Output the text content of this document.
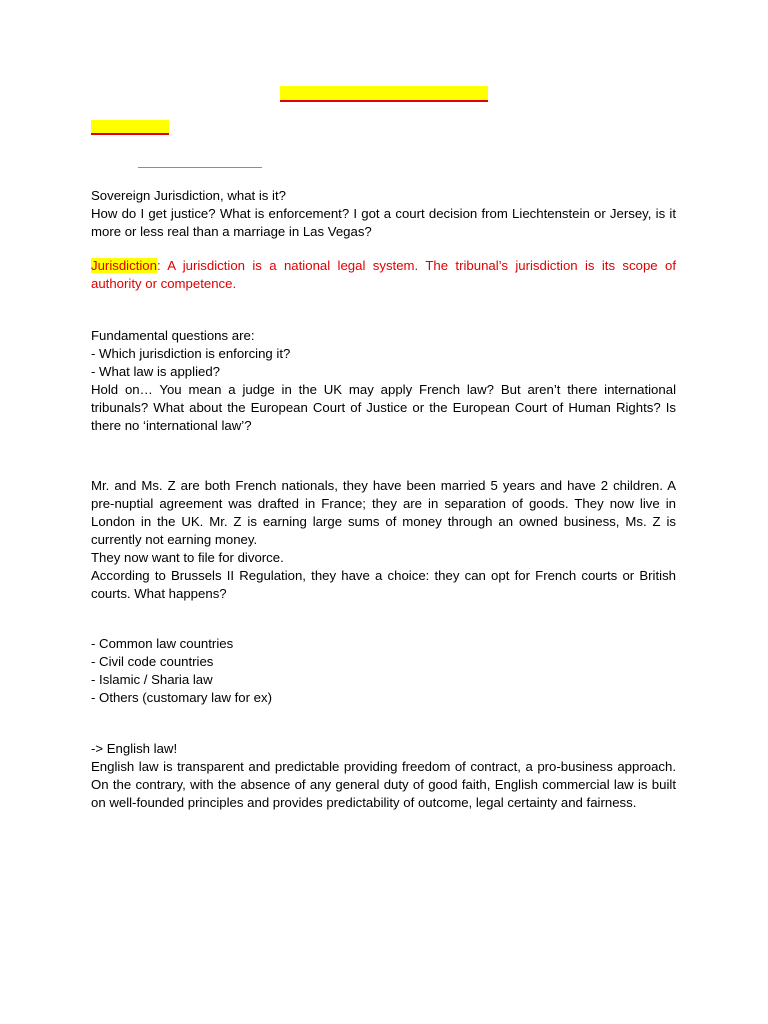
Sovereign Jurisdiction, what is it?

How do I get justice? What is enforcement? I got a court decision from Liechtenstein or Jersey, is it more or less real than a marriage in Las Vegas?

Jurisdiction: A jurisdiction is a national legal system. The tribunal’s jurisdiction is its scope of authority or competence.

Fundamental questions are:

- Which jurisdiction is enforcing it?

- What law is applied?

Hold on… You mean a judge in the UK may apply French law? But aren’t there international tribunals? What about the European Court of Justice or the European Court of Human Rights? Is there no ‘international law’?

Mr. and Ms. Z are both French nationals, they have been married 5 years and have 2 children. A pre-nuptial agreement was drafted in France; they are in separation of goods. They now live in London in the UK. Mr. Z is earning large sums of money through an owned business, Ms. Z is currently not earning money.

They now want to file for divorce.

According to Brussels II Regulation, they have a choice: they can opt for French courts or British courts. What happens?

- Common law countries
- Civil code countries
- Islamic / Sharia law
- Others (customary law for ex)

-> English law!

English law is transparent and predictable providing freedom of contract, a pro-business approach. On the contrary, with the absence of any general duty of good faith, English commercial law is built on well-founded principles and provides predictability of outcome, legal certainty and fairness.
